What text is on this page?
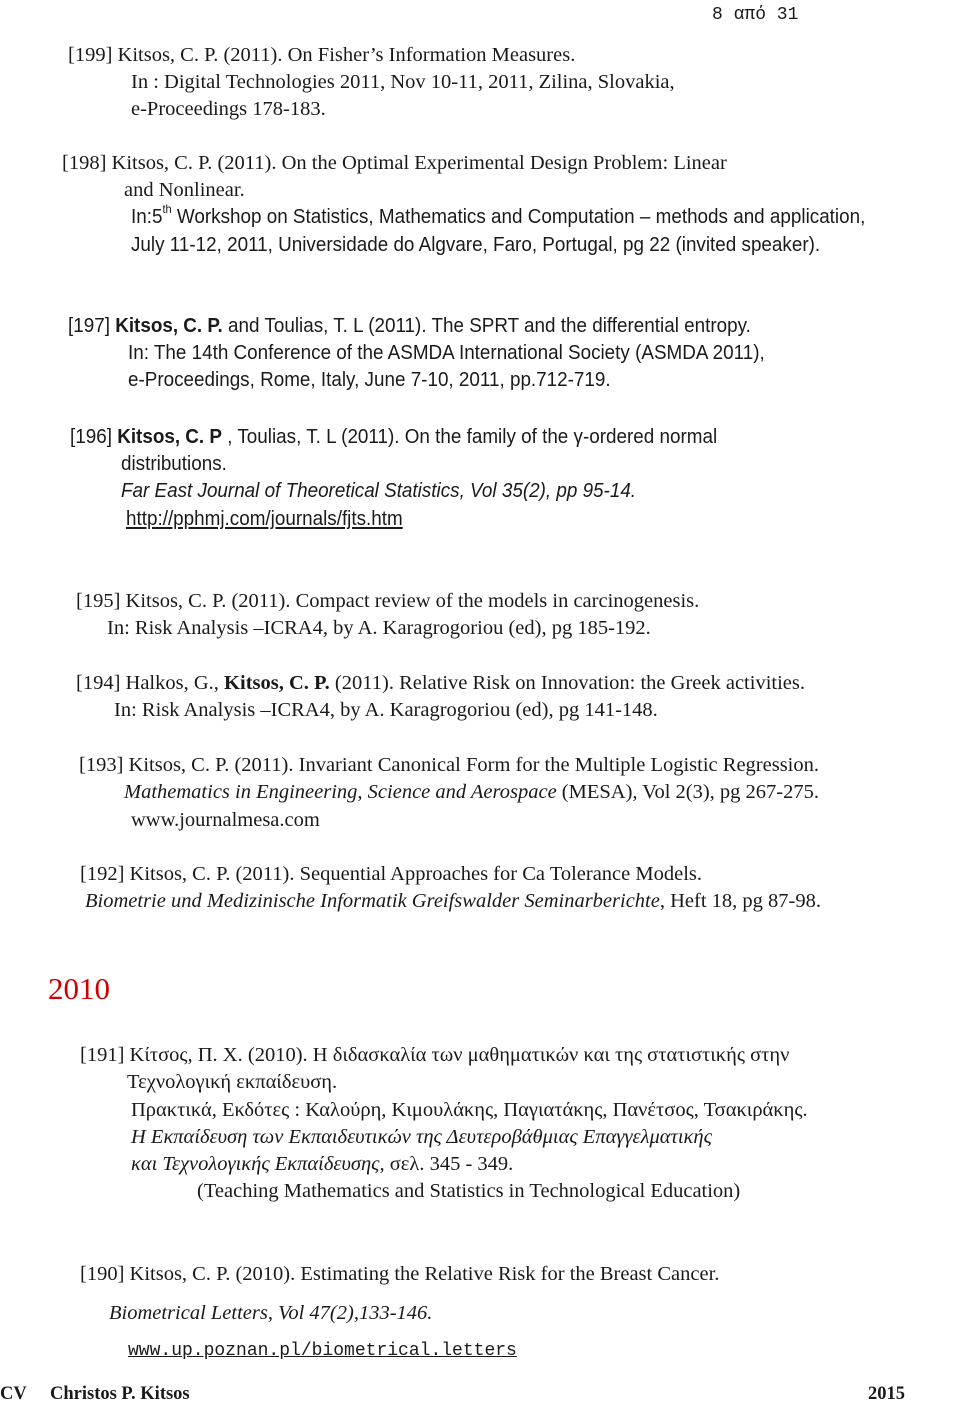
8 από 31
[199] Kitsos, C. P. (2011). On Fisher’s Information Measures.
In : Digital Technologies 2011, Nov 10-11, 2011, Zilina, Slovakia,
e-Proceedings 178-183.
[198] Kitsos, C. P. (2011). On the Optimal Experimental Design Problem: Linear
and Nonlinear.
In:5th Workshop on Statistics, Mathematics and Computation – methods and application,
July 11-12, 2011, Universidade do Algvare, Faro, Portugal, pg 22 (invited speaker).
[197] Kitsos, C. P. and Toulias, T. L (2011). The SPRT and the differential entropy.
In: The 14th Conference of the ASMDA International Society (ASMDA 2011),
e-Proceedings, Rome, Italy, June 7-10, 2011, pp.712-719.
[196] Kitsos, C. P , Toulias, T. L (2011). On the family of the γ-ordered normal
distributions.
Far East Journal of Theoretical Statistics, Vol 35(2), pp 95-14.
http://pphmj.com/journals/fjts.htm
[195] Kitsos, C. P. (2011). Compact review of the models in carcinogenesis.
In: Risk Analysis –ICRA4, by A. Karagrogoriou (ed), pg 185-192.
[194] Halkos, G., Kitsos, C. P. (2011). Relative Risk on Innovation: the Greek activities.
In: Risk Analysis –ICRA4, by A. Karagrogoriou (ed), pg 141-148.
[193] Kitsos, C. P. (2011). Invariant Canonical Form for the Multiple Logistic Regression.
Mathematics in Engineering, Science and Aerospace (MESA), Vol 2(3), pg 267-275.
www.journalmesa.com
[192] Kitsos, C. P. (2011). Sequential Approaches for Ca Tolerance Models.
Biometrie und Medizinische Informatik Greifswalder Seminarberichte, Heft 18, pg 87-98.
2010
[191] Κίτσος, Π. Χ. (2010). Η διδασκαλία των μαθηματικών και της στατιστικής στην
Τεχνολογική εκπαίδευση.
Πρακτικά, Εκδότες : Καλούρη, Κιμουλάκης, Παγιατάκης, Πανέτσος, Τσακιράκης.
Η Εκπαίδευση των Εκπαιδευτικών της Δευτεροβάθμιας Επαγγελματικής
και Τεχνολογικής Εκπαίδευσης, σελ. 345 - 349.
(Teaching Mathematics and Statistics in Technological Education)
[190] Kitsos, C. P. (2010). Estimating the Relative Risk for the Breast Cancer.
Biometrical Letters, Vol 47(2),133-146.
www.up.poznan.pl/biometrical.letters
CV Christos P. Kitsos	2015
